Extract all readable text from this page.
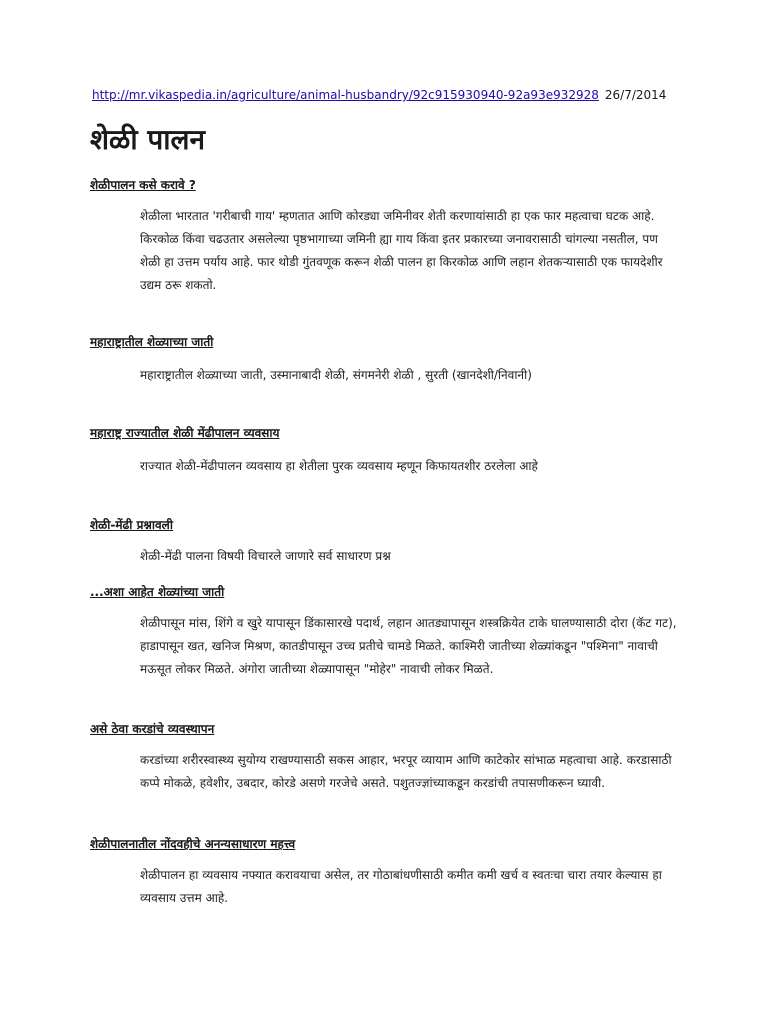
http://mr.vikaspedia.in/agriculture/animal-husbandry/92c915930940-92a93e932928 26/7/2014
शेळी पालन
शेळीपालन कसे करावे ?

शेळीला भारतात 'गरीबाची गाय' म्हणतात आणि कोरड्या जमिनीवर शेती करणायांसाठी हा एक फार महत्वाचा घटक आहे. किरकोळ किंवा चढउतार असलेल्या पृष्ठभागाच्या जमिनी ह्या गाय किंवा इतर प्रकारच्या जनावरासाठी चांगल्या नसतील, पण शेळी हा उत्तम पर्याय आहे. फार थोडी गुंतवणूक करून शेळी पालन हा किरकोळ आणि लहान शेतकऱ्यासाठी एक फायदेशीर उद्यम ठरू शकतो.

महाराष्ट्रातील शेळ्याच्या जाती

महाराष्ट्रातील शेळ्याच्या जाती, उस्मानाबादी शेळी, संगमनेरी शेळी , सुरती (खानदेशी/निवानी)

महाराष्ट्र राज्यातील शेळी मेंढीपालन व्यवसाय

राज्यात शेळी-मेंढीपालन व्यवसाय हा शेतीला पुरक व्यवसाय म्हणून किफायतशीर ठरलेला आहे

शेळी-मेंढी प्रश्नावली

शेळी-मेंढी पालना विषयी विचारले जाणारे सर्व साधारण प्रश्न

...अशा आहेत शेळ्यांच्या जाती

शेळीपासून मांस, शिंगे व खुरे यापासून डिंकासारखे पदार्थ, लहान आतड्यापासून शस्त्रक्रियेत टाके घालण्यासाठी दोरा (कॅट गट), हाडापासून खत, खनिज मिश्रण, कातडीपासून उच्च प्रतीचे चामडे मिळते. काश्मिरी जातीच्या शेळ्यांकडून "पश्मिना" नावाची मऊसूत लोकर मिळते. अंगोरा जातीच्या शेळ्यापासून "मोहेर" नावाची लोकर मिळते.

असे ठेवा करडांचे व्यवस्थापन

करडांच्या शरीरस्वास्थ्य सुयोग्य राखण्यासाठी सकस आहार, भरपूर व्यायाम आणि काटेकोर सांभाळ महत्वाचा आहे. करडासाठी कप्पे मोकळे, हवेशीर, उबदार, कोरडे असणे गरजेचे असते. पशुतज्ज्ञांच्याकडून करडांची तपासणीकरून घ्यावी.

शेळीपालनातील नोंदवहीचे अनन्यसाधारण महत्त्व

शेळीपालन हा व्यवसाय नफ्यात करावयाचा असेल, तर गोठाबांधणीसाठी कमीत कमी खर्च व स्वतःचा चारा तयार केल्यास हा व्यवसाय उत्तम आहे.
